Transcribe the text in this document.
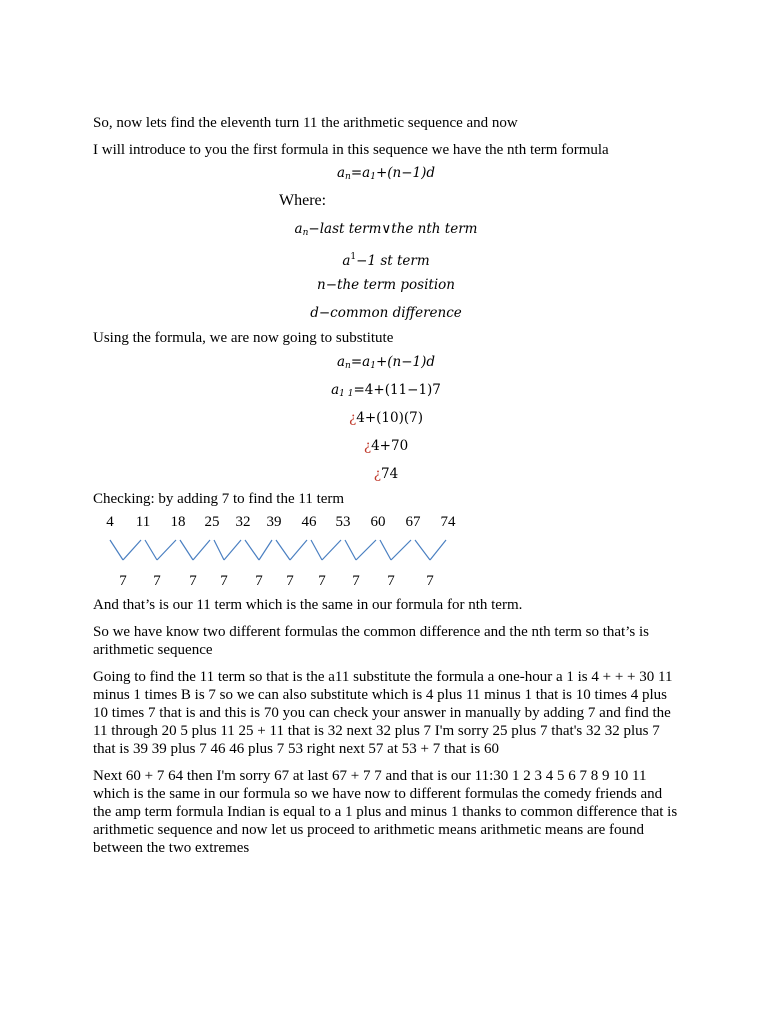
So, now lets find the eleventh turn 11 the arithmetic sequence and now

I will introduce to you the first formula in this sequence we have the nth term formula

$a_n=a_1+(n-1)d$
Where:
$a_n-last$ term∨the nth term
$a^1-1$ st term
n−the term position
d−common difference

Using the formula, we are now going to substitute

$a_n=a_1+(n-1)d$
$a_{1 1}=4+(11-1)7$
¿4+(10)(7)
¿4+70
¿74

Checking: by adding 7 to find the 11 term

4 11 18 25 32 39 46 53 60 67 74
7 7 7 7 7 7 7 7 7 7

And that’s is our 11 term which is the same in our formula for nth term.

So we have know two different formulas the common difference and the nth term so that’s is arithmetic sequence

Going to find the 11 term so that is the a11 substitute the formula a one-hour a 1 is 4 + + + 30 11 minus 1 times B is 7 so we can also substitute which is 4 plus 11 minus 1 that is 10 times 4 plus 10 times 7 that is and this is 70 you can check your answer in manually by adding 7 and find the 11 through 20 5 plus 11 25 + 11 that is 32 next 32 plus 7 I'm sorry 25 plus 7 that's 32 32 plus 7 that is 39 39 plus 7 46 46 plus 7 53 right next 57 at 53 + 7 that is 60

Next 60 + 7 64 then I'm sorry 67 at last 67 + 7 7 and that is our 11:30 1 2 3 4 5 6 7 8 9 10 11 which is the same in our formula so we have now to different formulas the comedy friends and the amp term formula Indian is equal to a 1 plus and minus 1 thanks to common difference that is arithmetic sequence and now let us proceed to arithmetic means arithmetic means are found between the two extremes
